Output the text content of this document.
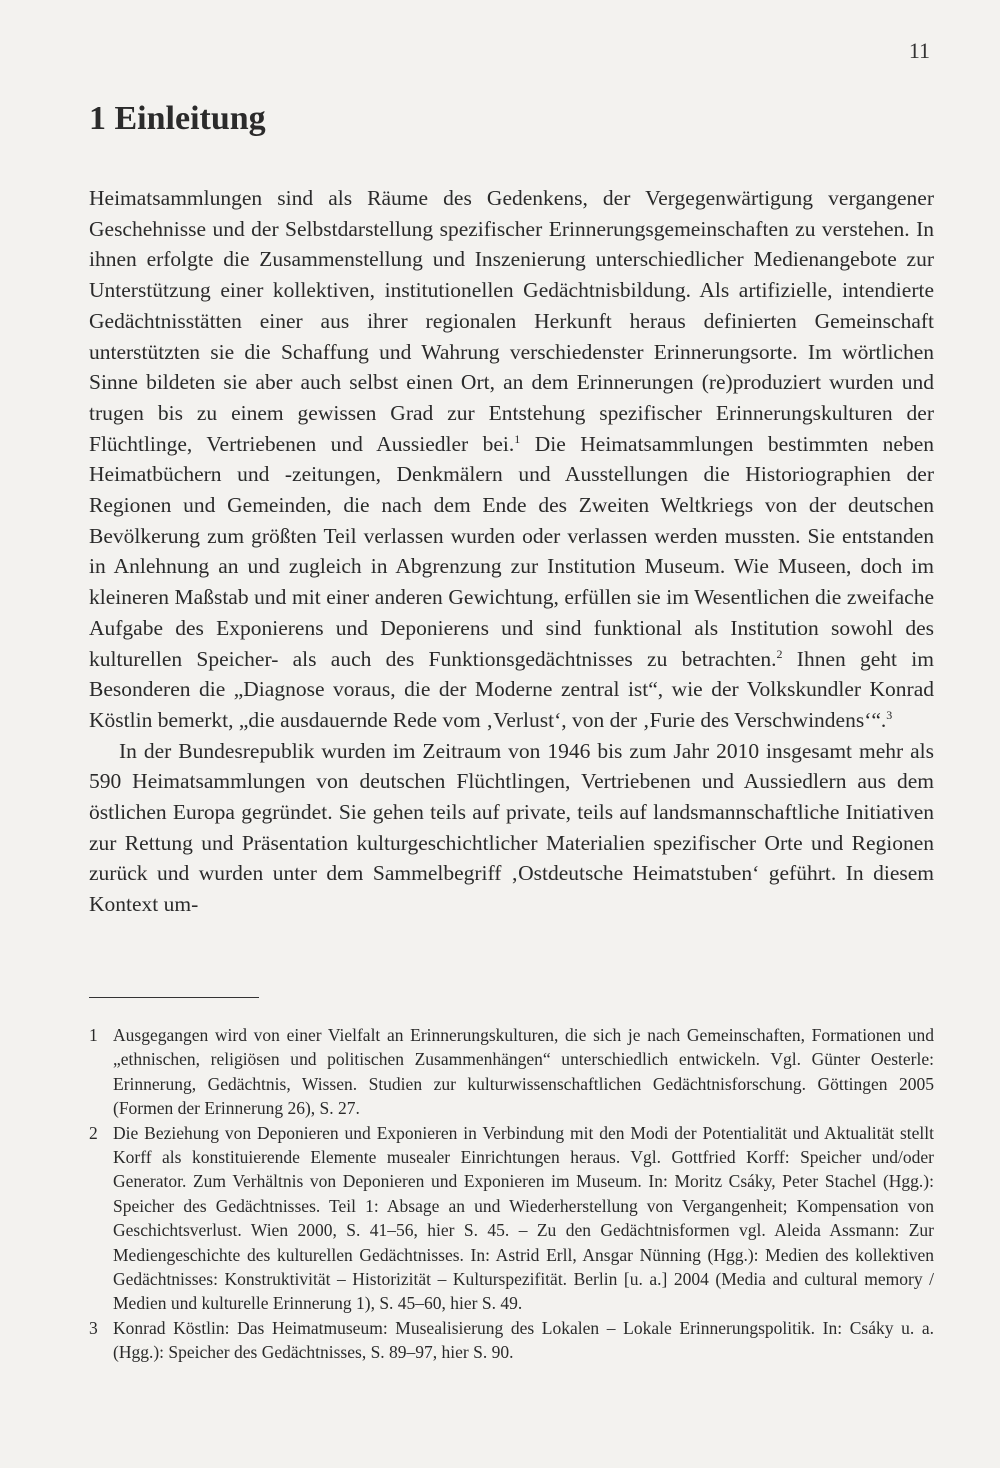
11
1 Einleitung

Heimatsammlungen sind als Räume des Gedenkens, der Vergegenwärtigung vergangener Geschehnisse und der Selbstdarstellung spezifischer Erinnerungsgemeinschaften zu verstehen. In ihnen erfolgte die Zusammenstellung und Inszenierung unterschiedlicher Medienangebote zur Unterstützung einer kollektiven, institutionellen Gedächtnisbildung. Als artifizielle, intendierte Gedächtnisstätten einer aus ihrer regionalen Herkunft heraus definierten Gemeinschaft unterstützten sie die Schaffung und Wahrung verschiedenster Erinnerungsorte. Im wörtlichen Sinne bildeten sie aber auch selbst einen Ort, an dem Erinnerungen (re)produziert wurden und trugen bis zu einem gewissen Grad zur Entstehung spezifischer Erinnerungskulturen der Flüchtlinge, Vertriebenen und Aussiedler bei.$^1$ Die Heimatsammlungen bestimmten neben Heimatbüchern und -zeitungen, Denkmälern und Ausstellungen die Historiographien der Regionen und Gemeinden, die nach dem Ende des Zweiten Weltkriegs von der deutschen Bevölkerung zum größten Teil verlassen wurden oder verlassen werden mussten. Sie entstanden in Anlehnung an und zugleich in Abgrenzung zur Institution Museum. Wie Museen, doch im kleineren Maßstab und mit einer anderen Gewichtung, erfüllen sie im Wesentlichen die zweifache Aufgabe des Exponierens und Deponierens und sind funktional als Institution sowohl des kulturellen Speicher- als auch des Funktionsgedächtnisses zu betrachten.$^2$ Ihnen geht im Besonderen die „Diagnose voraus, die der Moderne zentral ist“, wie der Volkskundler Konrad Köstlin bemerkt, „die ausdauernde Rede vom ‚Verlust‘, von der ‚Furie des Verschwindens‘“.$^3$

In der Bundesrepublik wurden im Zeitraum von 1946 bis zum Jahr 2010 insgesamt mehr als 590 Heimatsammlungen von deutschen Flüchtlingen, Vertriebenen und Aussiedlern aus dem östlichen Europa gegründet. Sie gehen teils auf private, teils auf landsmannschaftliche Initiativen zur Rettung und Präsentation kulturgeschichtlicher Materialien spezifischer Orte und Regionen zurück und wurden unter dem Sammelbegriff ‚Ostdeutsche Heimatstuben‘ geführt. In diesem Kontext um-

1 Ausgegangen wird von einer Vielfalt an Erinnerungskulturen, die sich je nach Gemeinschaften, Formationen und „ethnischen, religiösen und politischen Zusammenhängen“ unterschiedlich entwickeln. Vgl. Günter Oesterle: Erinnerung, Gedächtnis, Wissen. Studien zur kulturwissenschaftlichen Gedächtnisforschung. Göttingen 2005 (Formen der Erinnerung 26), S. 27.
2 Die Beziehung von Deponieren und Exponieren in Verbindung mit den Modi der Potentialität und Aktualität stellt Korff als konstituierende Elemente musealer Einrichtungen heraus. Vgl. Gottfried Korff: Speicher und/oder Generator. Zum Verhältnis von Deponieren und Exponieren im Museum. In: Moritz Csáky, Peter Stachel (Hgg.): Speicher des Gedächtnisses. Teil 1: Absage an und Wiederherstellung von Vergangenheit; Kompensation von Geschichtsverlust. Wien 2000, S. 41–56, hier S. 45. – Zu den Gedächtnisformen vgl. Aleida Assmann: Zur Mediengeschichte des kulturellen Gedächtnisses. In: Astrid Erll, Ansgar Nünning (Hgg.): Medien des kollektiven Gedächtnisses: Konstruktivität – Historizität – Kulturspezifität. Berlin [u. a.] 2004 (Media and cultural memory / Medien und kulturelle Erinnerung 1), S. 45–60, hier S. 49.
3 Konrad Köstlin: Das Heimatmuseum: Musealisierung des Lokalen – Lokale Erinnerungspolitik. In: Csáky u. a. (Hgg.): Speicher des Gedächtnisses, S. 89–97, hier S. 90.
